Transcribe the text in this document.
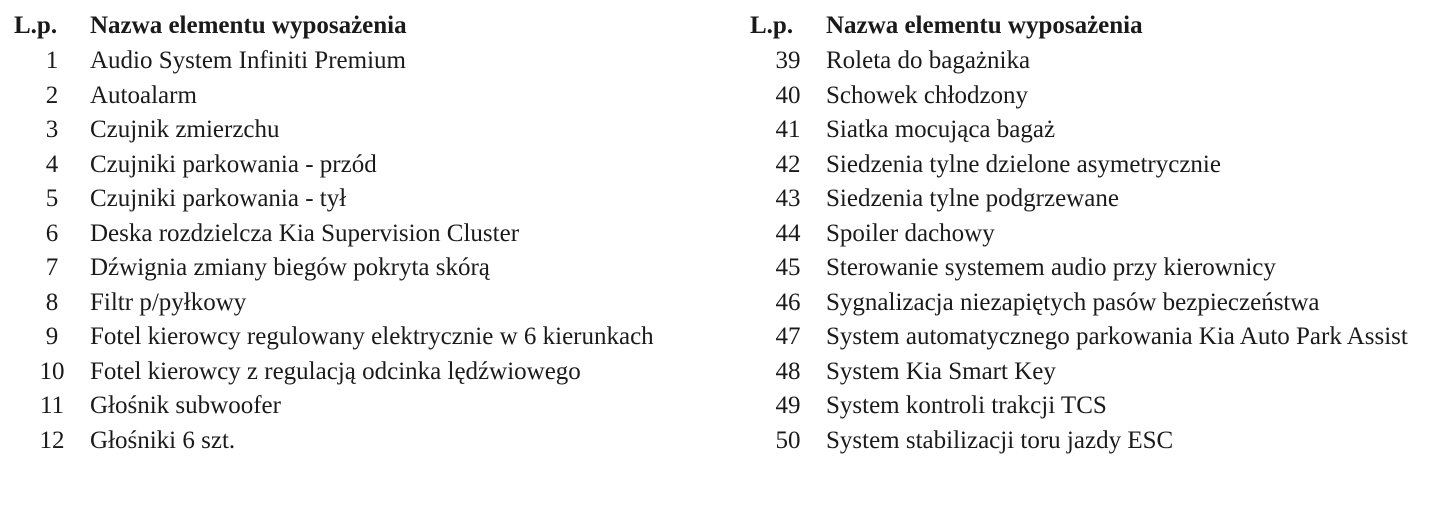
L.p.	Nazwa elementu wyposażenia
1	Audio System Infiniti Premium
2	Autoalarm
3	Czujnik zmierzchu
4	Czujniki parkowania - przód
5	Czujniki parkowania - tył
6	Deska rozdzielcza Kia Supervision Cluster
7	Dźwignia zmiany biegów pokryta skórą
8	Filtr p/pyłkowy
9	Fotel kierowcy regulowany elektrycznie w 6 kierunkach
10	Fotel kierowcy z regulacją odcinka lędźwiowego
11	Głośnik subwoofer
12	Głośniki 6 szt.
L.p.	Nazwa elementu wyposażenia
39	Roleta do bagażnika
40	Schowek chłodzony
41	Siatka mocująca bagaż
42	Siedzenia tylne dzielone asymetrycznie
43	Siedzenia tylne podgrzewane
44	Spoiler dachowy
45	Sterowanie systemem audio przy kierownicy
46	Sygnalizacja niezapiętych pasów bezpieczeństwa
47	System automatycznego parkowania Kia Auto Park Assist
48	System Kia Smart Key
49	System kontroli trakcji TCS
50	System stabilizacji toru jazdy ESC
